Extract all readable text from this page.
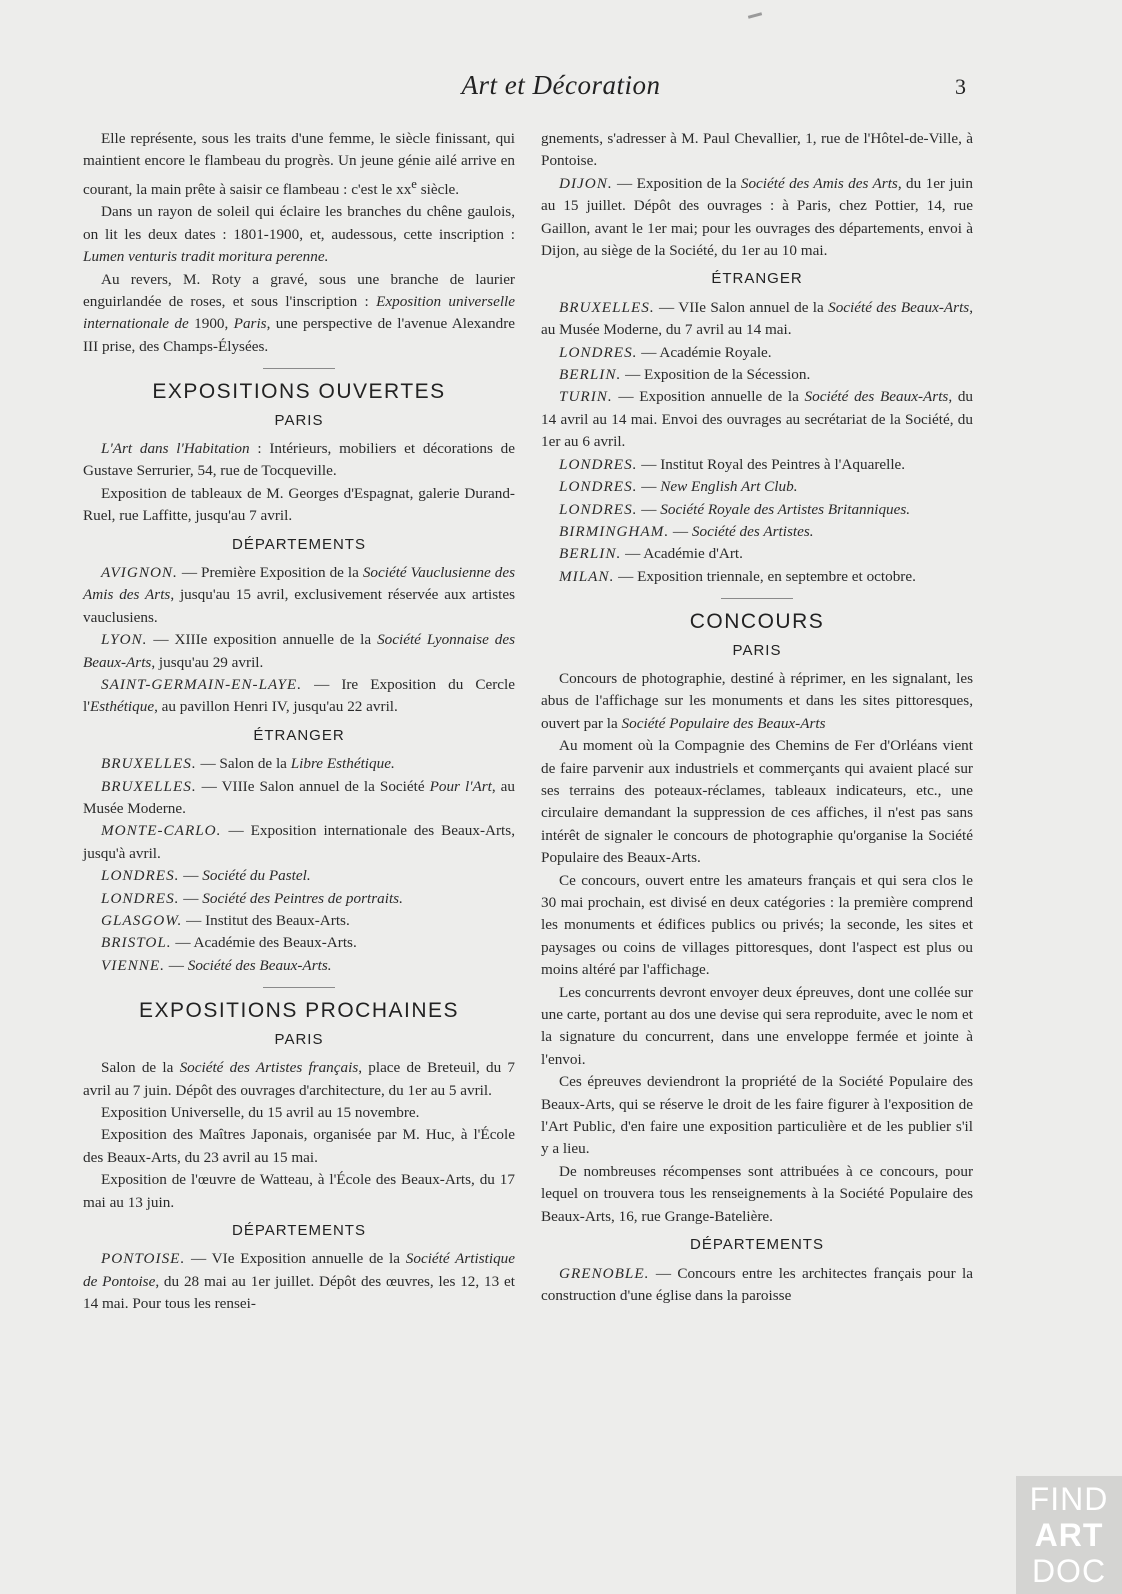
Art et Décoration	3

Elle représente, sous les traits d'une femme, le siècle finissant, qui maintient encore le flambeau du progrès. Un jeune génie ailé arrive en courant, la main prête à saisir ce flambeau : c'est le $xx^e$ siècle.

Dans un rayon de soleil qui éclaire les branches du chêne gaulois, on lit les deux dates : 1801-1900, et, audessous, cette inscription : Lumen venturis tradit moritura perenne.

Au revers, M. Roty a gravé, sous une branche de laurier enguirlandée de roses, et sous l'inscription : Exposition universelle internationale de 1900, Paris, une perspective de l'avenue Alexandre III prise, des Champs-Élysées.

EXPOSITIONS OUVERTES
PARIS

L'Art dans l'Habitation : Intérieurs, mobiliers et décorations de Gustave Serrurier, 54, rue de Tocqueville.

Exposition de tableaux de M. Georges d'Espagnat, galerie Durand-Ruel, rue Laffitte, jusqu'au 7 avril.

DÉPARTEMENTS

AVIGNON. — Première Exposition de la Société Vauclusienne des Amis des Arts, jusqu'au 15 avril, exclusivement réservée aux artistes vauclusiens.

LYON. — XIIIe exposition annuelle de la Société Lyonnaise des Beaux-Arts, jusqu'au 29 avril.

SAINT-GERMAIN-EN-LAYE. — Ire Exposition du Cercle l'Esthétique, au pavillon Henri IV, jusqu'au 22 avril.

ÉTRANGER

BRUXELLES. — Salon de la Libre Esthétique.

BRUXELLES. — VIIIe Salon annuel de la Société Pour l'Art, au Musée Moderne.

MONTE-CARLO. — Exposition internationale des Beaux-Arts, jusqu'à avril.

LONDRES. — Société du Pastel.

LONDRES. — Société des Peintres de portraits.

GLASGOW. — Institut des Beaux-Arts.

BRISTOL. — Académie des Beaux-Arts.

VIENNE. — Société des Beaux-Arts.

EXPOSITIONS PROCHAINES
PARIS

Salon de la Société des Artistes français, place de Breteuil, du 7 avril au 7 juin. Dépôt des ouvrages d'architecture, du 1er au 5 avril.

Exposition Universelle, du 15 avril au 15 novembre.

Exposition des Maîtres Japonais, organisée par M. Huc, à l'École des Beaux-Arts, du 23 avril au 15 mai.

Exposition de l'œuvre de Watteau, à l'École des Beaux-Arts, du 17 mai au 13 juin.

DÉPARTEMENTS

PONTOISE. — VIe Exposition annuelle de la Société Artistique de Pontoise, du 28 mai au 1er juillet. Dépôt des œuvres, les 12, 13 et 14 mai. Pour tous les rensei-

gnements, s'adresser à M. Paul Chevallier, 1, rue de l'Hôtel-de-Ville, à Pontoise.

DIJON. — Exposition de la Société des Amis des Arts, du 1er juin au 15 juillet. Dépôt des ouvrages : à Paris, chez Pottier, 14, rue Gaillon, avant le 1er mai; pour les ouvrages des départements, envoi à Dijon, au siège de la Société, du 1er au 10 mai.

ÉTRANGER

BRUXELLES. — VIIe Salon annuel de la Société des Beaux-Arts, au Musée Moderne, du 7 avril au 14 mai.

LONDRES. — Académie Royale.

BERLIN. — Exposition de la Sécession.

TURIN. — Exposition annuelle de la Société des Beaux-Arts, du 14 avril au 14 mai. Envoi des ouvrages au secrétariat de la Société, du 1er au 6 avril.

LONDRES. — Institut Royal des Peintres à l'Aquarelle.

LONDRES. — New English Art Club.

LONDRES. — Société Royale des Artistes Britanniques.

BIRMINGHAM. — Société des Artistes.

BERLIN. — Académie d'Art.

MILAN. — Exposition triennale, en septembre et octobre.

CONCOURS
PARIS

Concours de photographie, destiné à réprimer, en les signalant, les abus de l'affichage sur les monuments et dans les sites pittoresques, ouvert par la Société Populaire des Beaux-Arts

Au moment où la Compagnie des Chemins de Fer d'Orléans vient de faire parvenir aux industriels et commerçants qui avaient placé sur ses terrains des poteaux-réclames, tableaux indicateurs, etc., une circulaire demandant la suppression de ces affiches, il n'est pas sans intérêt de signaler le concours de photographie qu'organise la Société Populaire des Beaux-Arts.

Ce concours, ouvert entre les amateurs français et qui sera clos le 30 mai prochain, est divisé en deux catégories : la première comprend les monuments et édifices publics ou privés; la seconde, les sites et paysages ou coins de villages pittoresques, dont l'aspect est plus ou moins altéré par l'affichage.

Les concurrents devront envoyer deux épreuves, dont une collée sur une carte, portant au dos une devise qui sera reproduite, avec le nom et la signature du concurrent, dans une enveloppe fermée et jointe à l'envoi.

Ces épreuves deviendront la propriété de la Société Populaire des Beaux-Arts, qui se réserve le droit de les faire figurer à l'exposition de l'Art Public, d'en faire une exposition particulière et de les publier s'il y a lieu.

De nombreuses récompenses sont attribuées à ce concours, pour lequel on trouvera tous les renseignements à la Société Populaire des Beaux-Arts, 16, rue Grange-Batelière.

DÉPARTEMENTS

GRENOBLE. — Concours entre les architectes français pour la construction d'une église dans la paroisse

FIND
ART
DOC
